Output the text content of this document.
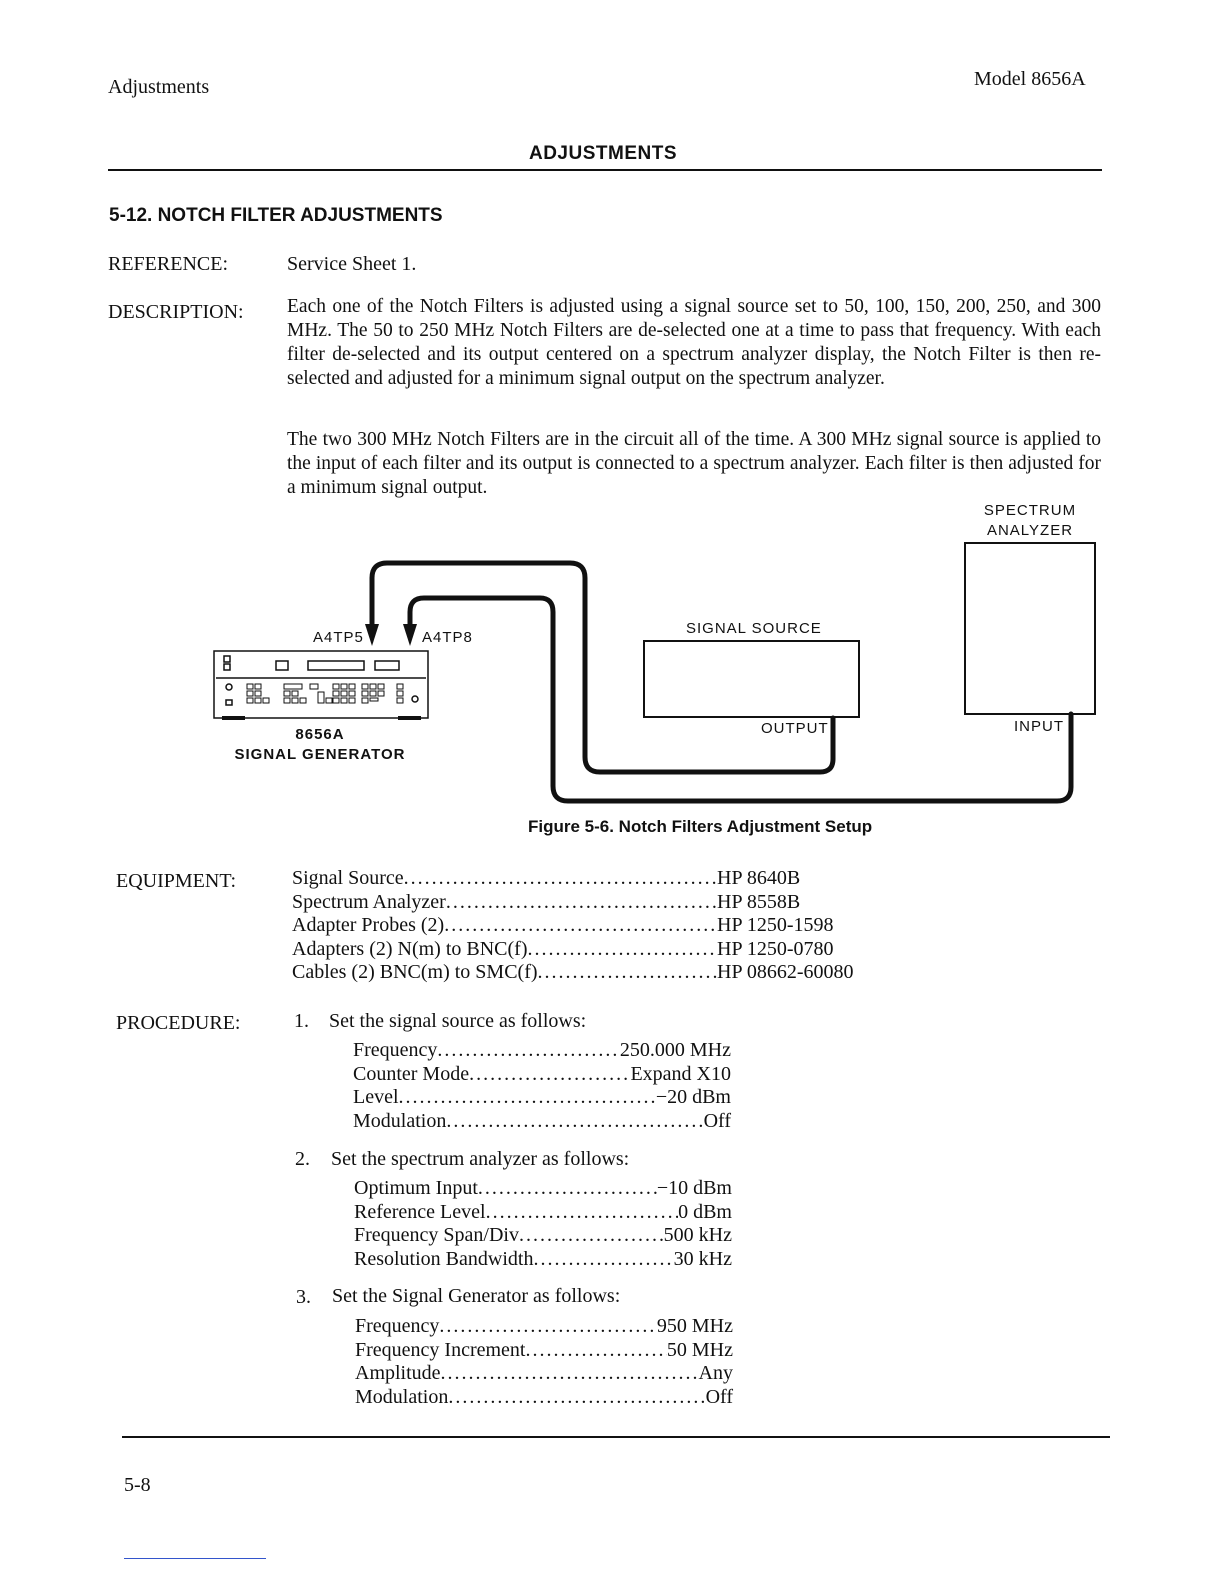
Adjustments	Model 8656A
ADJUSTMENTS
5-12. NOTCH FILTER ADJUSTMENTS
REFERENCE:	Service Sheet 1.
DESCRIPTION: Each one of the Notch Filters is adjusted using a signal source set to 50, 100, 150, 200, 250, and 300 MHz. The 50 to 250 MHz Notch Filters are de-selected one at a time to pass that frequency. With each filter de-selected and its output centered on a spectrum analyzer display, the Notch Filter is then re-selected and adjusted for a minimum signal output on the spectrum analyzer.

The two 300 MHz Notch Filters are in the circuit all of the time. A 300 MHz signal source is applied to the input of each filter and its output is connected to a spectrum analyzer. Each filter is then adjusted for a minimum signal output.

SPECTRUM
ANALYZER
A4TP5	A4TP8
SIGNAL SOURCE
OUTPUT	INPUT
8656A
SIGNAL GENERATOR
Figure 5-6. Notch Filters Adjustment Setup
EQUIPMENT:	Signal Source .....	HP 8640B
Spectrum Analyzer .....	HP 8558B
Adapter Probes (2) .....	HP 1250-1598
Adapters (2) N(m) to BNC(f) .....	HP 1250-0780
Cables (2) BNC(m) to SMC(f) .....	HP 08662-60080
PROCEDURE:	1. Set the signal source as follows:
Frequency .....	250.000 MHz
Counter Mode .....	Expand X10
Level .....	−20 dBm
Modulation .....	Off
2. Set the spectrum analyzer as follows:
Optimum Input .....	−10 dBm
Reference Level .....	0 dBm
Frequency Span/Div .....	500 kHz
Resolution Bandwidth .....	30 kHz
3. Set the Signal Generator as follows:
Frequency .....	950 MHz
Frequency Increment .....	50 MHz
Amplitude .....	Any
Modulation .....	Off
5-8
